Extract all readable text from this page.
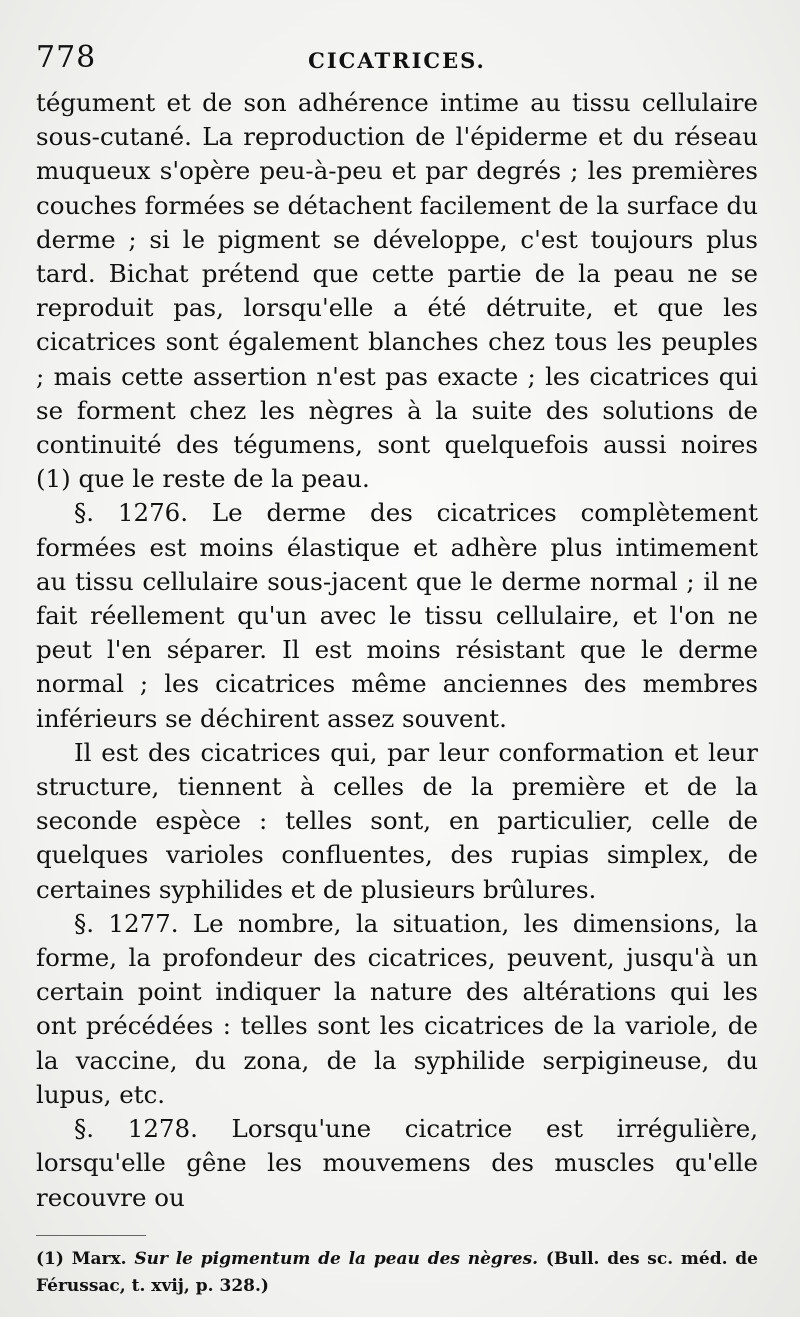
778	CICATRICES.

tégument et de son adhérence intime au tissu cellulaire sous-cutané. La reproduction de l'épiderme et du réseau muqueux s'opère peu-à-peu et par degrés ; les premières couches formées se détachent facilement de la surface du derme ; si le pigment se développe, c'est toujours plus tard. Bichat prétend que cette partie de la peau ne se reproduit pas, lorsqu'elle a été détruite, et que les cicatrices sont également blanches chez tous les peuples ; mais cette assertion n'est pas exacte ; les cicatrices qui se forment chez les nègres à la suite des solutions de continuité des tégumens, sont quelquefois aussi noires (1) que le reste de la peau.

§. 1276. Le derme des cicatrices complètement formées est moins élastique et adhère plus intimement au tissu cellulaire sous-jacent que le derme normal ; il ne fait réellement qu'un avec le tissu cellulaire, et l'on ne peut l'en séparer. Il est moins résistant que le derme normal ; les cicatrices même anciennes des membres inférieurs se déchirent assez souvent.

Il est des cicatrices qui, par leur conformation et leur structure, tiennent à celles de la première et de la seconde espèce : telles sont, en particulier, celle de quelques varioles confluentes, des rupias simplex, de certaines syphilides et de plusieurs brûlures.

§. 1277. Le nombre, la situation, les dimensions, la forme, la profondeur des cicatrices, peuvent, jusqu'à un certain point indiquer la nature des altérations qui les ont précédées : telles sont les cicatrices de la variole, de la vaccine, du zona, de la syphilide serpigineuse, du lupus, etc.

§. 1278. Lorsqu'une cicatrice est irrégulière, lorsqu'elle gêne les mouvemens des muscles qu'elle recouvre ou

(1) Marx. Sur le pigmentum de la peau des nègres. (Bull. des sc. méd. de Férussac, t. xvij, p. 328.)
